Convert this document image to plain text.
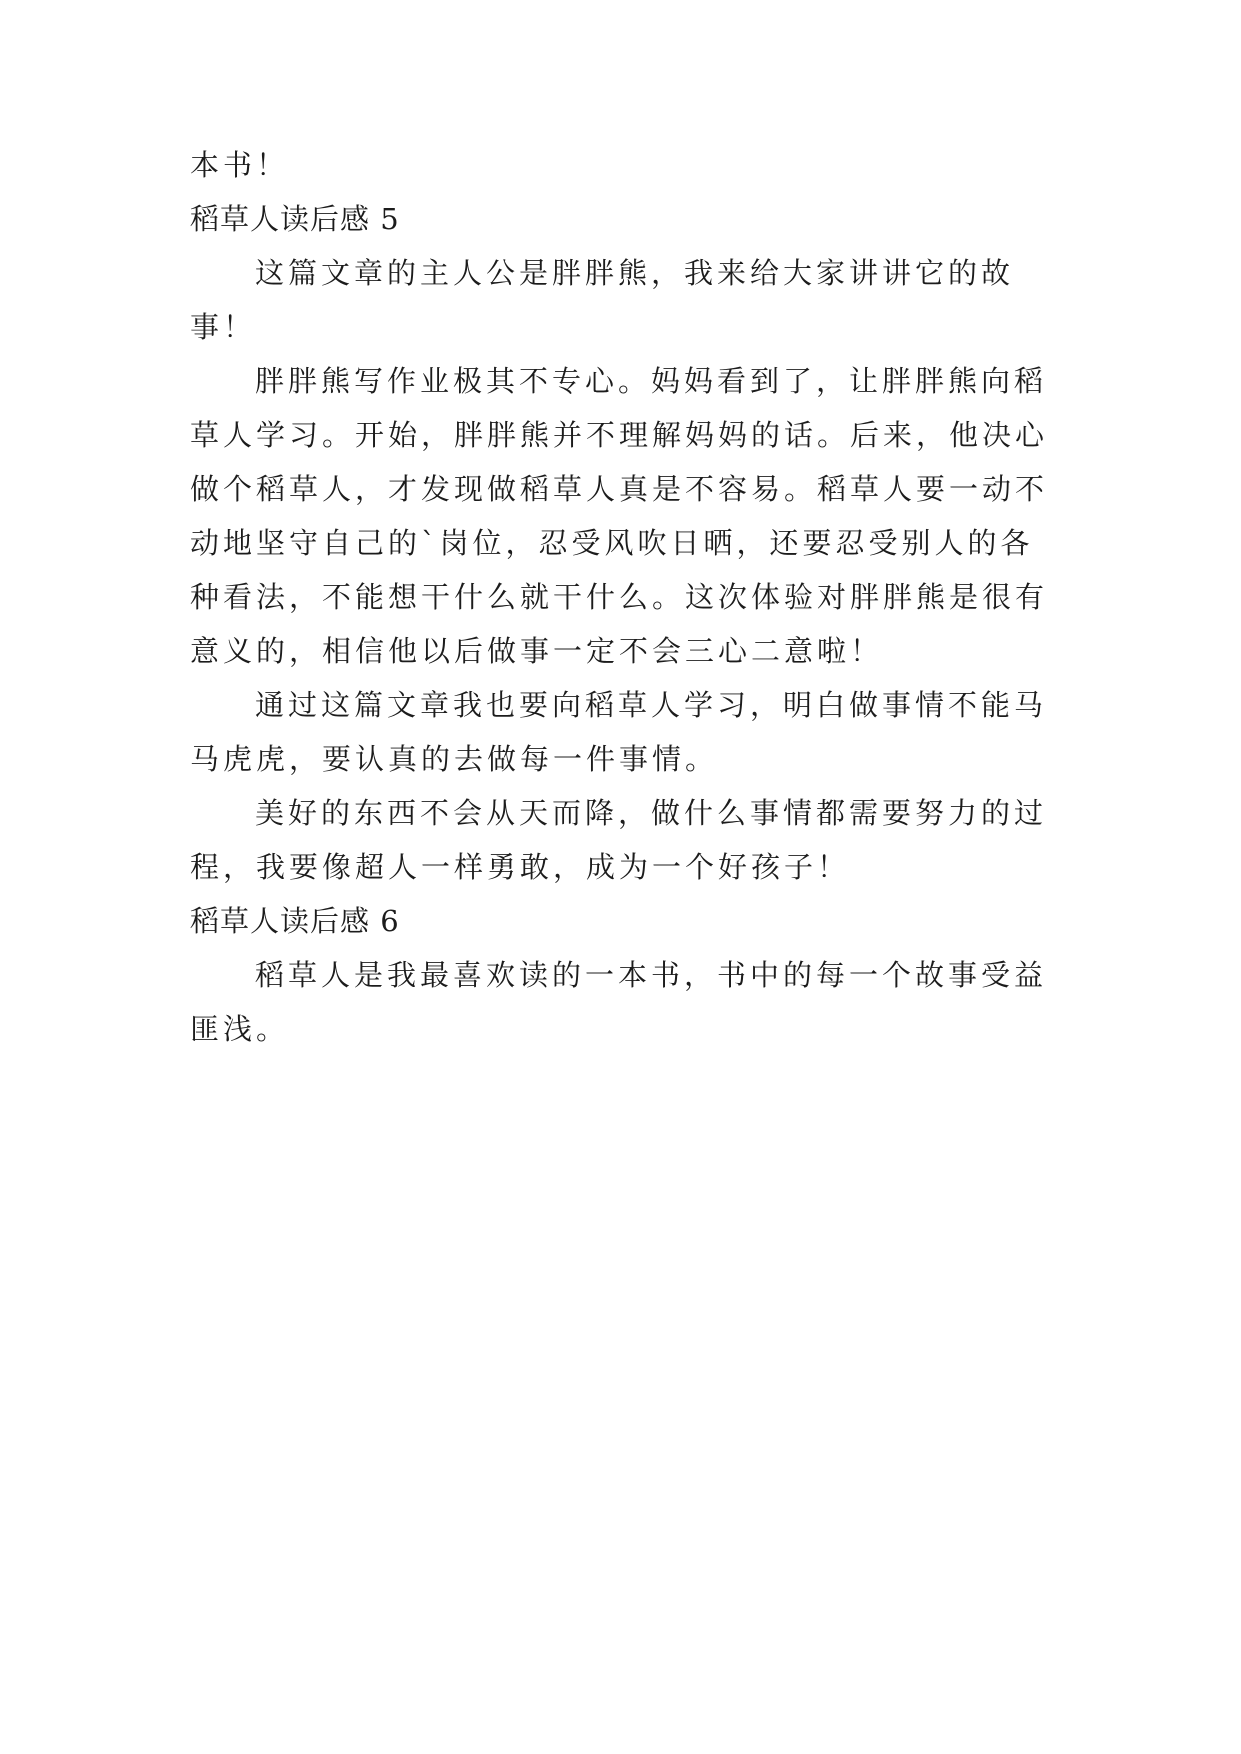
本书！
稻草人读后感 5
这篇文章的主人公是胖胖熊，我来给大家讲讲它的故
事！
胖胖熊写作业极其不专心。妈妈看到了，让胖胖熊向稻
草人学习。开始，胖胖熊并不理解妈妈的话。后来，他决心
做个稻草人，才发现做稻草人真是不容易。稻草人要一动不
动地坚守自己的`岗位，忍受风吹日晒，还要忍受别人的各
种看法，不能想干什么就干什么。这次体验对胖胖熊是很有
意义的，相信他以后做事一定不会三心二意啦！
通过这篇文章我也要向稻草人学习，明白做事情不能马
马虎虎，要认真的去做每一件事情。
美好的东西不会从天而降，做什么事情都需要努力的过
程，我要像超人一样勇敢，成为一个好孩子！
稻草人读后感 6
稻草人是我最喜欢读的一本书，书中的每一个故事受益
匪浅。
